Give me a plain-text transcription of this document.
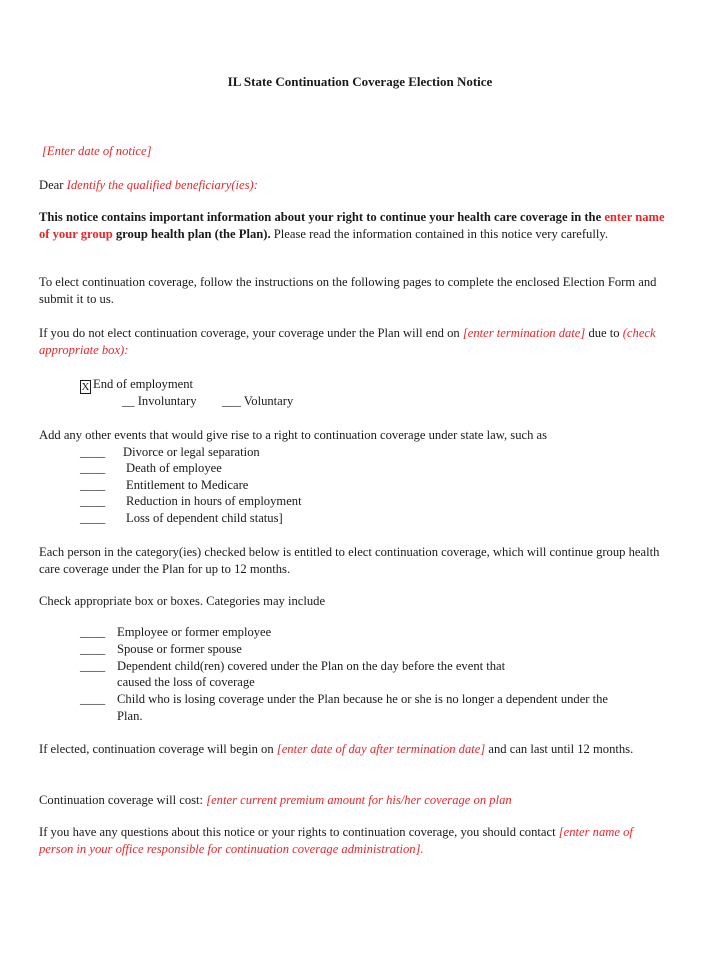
IL State Continuation Coverage Election Notice
[Enter date of notice]
Dear Identify the qualified beneficiary(ies):
This notice contains important information about your right to continue your health care coverage in the enter name of your group group health plan (the Plan). Please read the information contained in this notice very carefully.
To elect continuation coverage, follow the instructions on the following pages to complete the enclosed Election Form and submit it to us.
If you do not elect continuation coverage, your coverage under the Plan will end on [enter termination date] due to (check appropriate box):
X End of employment
__ Involuntary ___ Voluntary
Add any other events that would give rise to a right to continuation coverage under state law, such as
____ Divorce or legal separation
____ Death of employee
____ Entitlement to Medicare
____ Reduction in hours of employment
____ Loss of dependent child status]
Each person in the category(ies) checked below is entitled to elect continuation coverage, which will continue group health care coverage under the Plan for up to 12 months.
Check appropriate box or boxes. Categories may include
____ Employee or former employee
____ Spouse or former spouse
____ Dependent child(ren) covered under the Plan on the day before the event that
caused the loss of coverage
____ Child who is losing coverage under the Plan because he or she is no longer a dependent under the
Plan.
If elected, continuation coverage will begin on [enter date of day after termination date] and can last until 12 months.
Continuation coverage will cost: [enter current premium amount for his/her coverage on plan
If you have any questions about this notice or your rights to continuation coverage, you should contact [enter name of person in your office responsible for continuation coverage administration].
